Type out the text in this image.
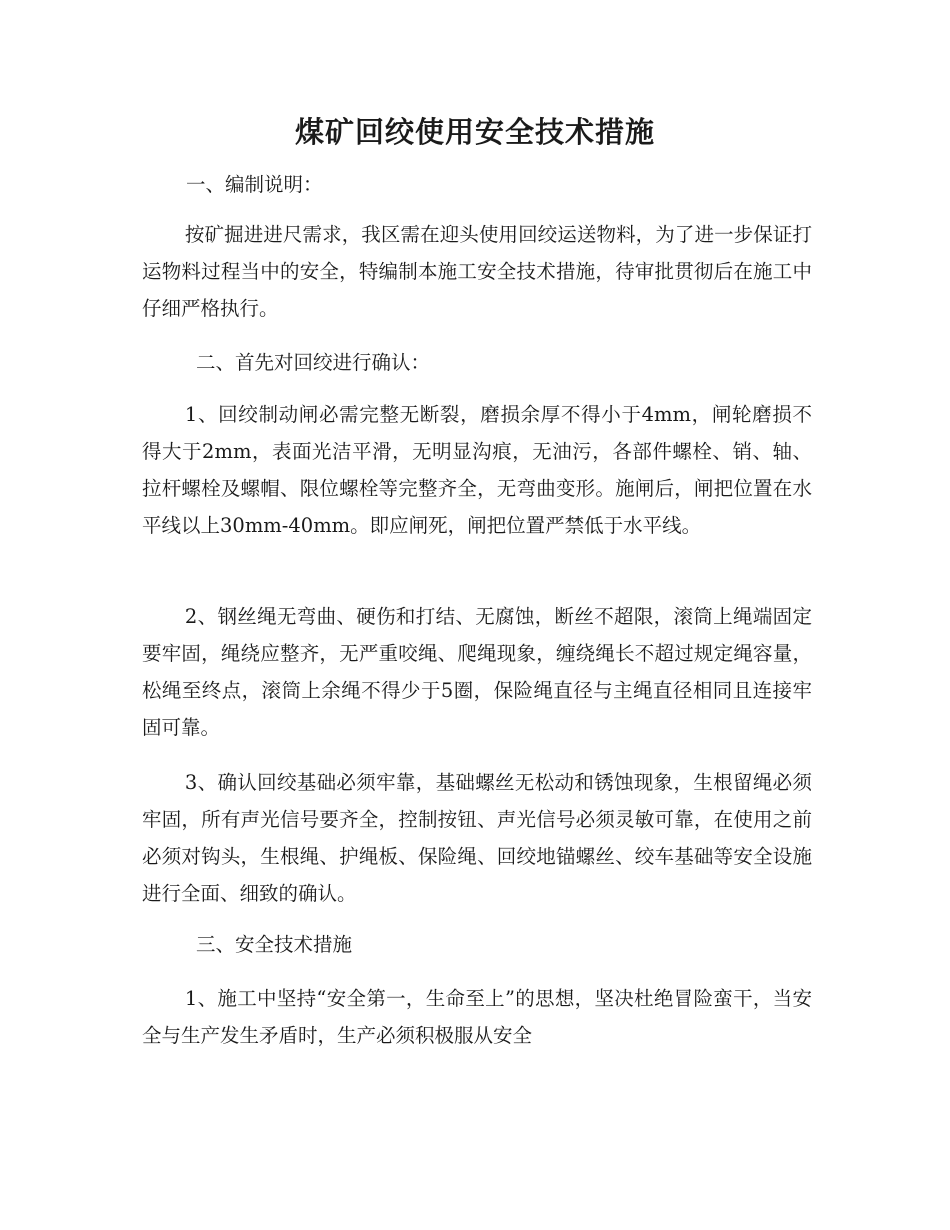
煤矿回绞使用安全技术措施

一、编制说明：

按矿掘进进尺需求，我区需在迎头使用回绞运送物料，为了进一步保证打运物料过程当中的安全，特编制本施工安全技术措施，待审批贯彻后在施工中仔细严格执行。

二、首先对回绞进行确认：

1、回绞制动闸必需完整无断裂，磨损余厚不得小于4mm，闸轮磨损不得大于2mm，表面光洁平滑，无明显沟痕，无油污，各部件螺栓、销、轴、拉杆螺栓及螺帽、限位螺栓等完整齐全，无弯曲变形。施闸后，闸把位置在水平线以上30mm-40mm。即应闸死，闸把位置严禁低于水平线。

2、钢丝绳无弯曲、硬伤和打结、无腐蚀，断丝不超限，滚筒上绳端固定要牢固，绳绕应整齐，无严重咬绳、爬绳现象，缠绕绳长不超过规定绳容量，松绳至终点，滚筒上余绳不得少于5圈，保险绳直径与主绳直径相同且连接牢固可靠。

3、确认回绞基础必须牢靠，基础螺丝无松动和锈蚀现象，生根留绳必须牢固，所有声光信号要齐全，控制按钮、声光信号必须灵敏可靠，在使用之前必须对钩头，生根绳、护绳板、保险绳、回绞地锚螺丝、绞车基础等安全设施进行全面、细致的确认。

三、安全技术措施

1、施工中坚持“安全第一，生命至上”的思想，坚决杜绝冒险蛮干，当安全与生产发生矛盾时，生产必须积极服从安全
